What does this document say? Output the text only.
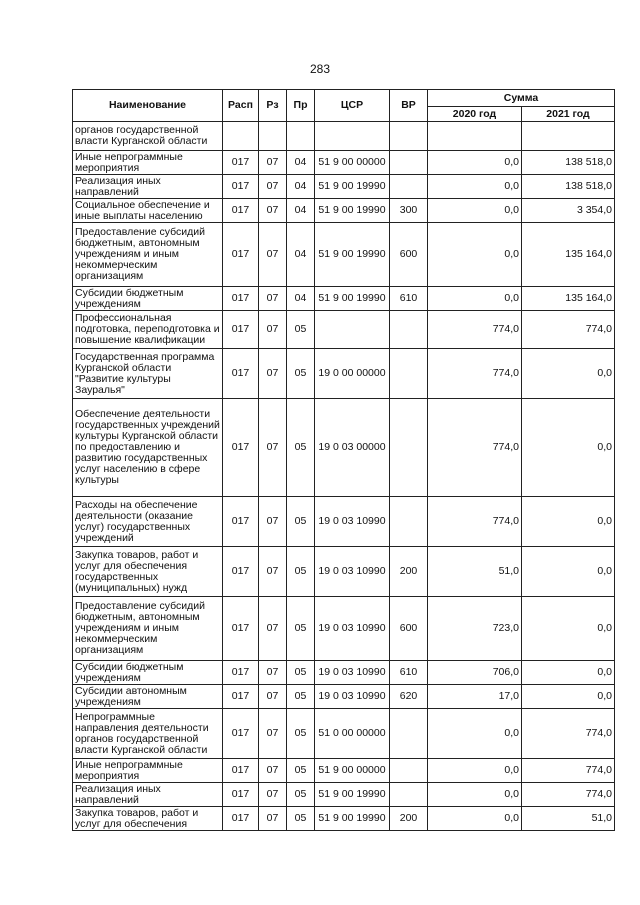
283
Наименование	Расп	Рз	Пр	ЦСР	ВР	Сумма	
						2020 год	2021 год
органов государственной власти Курганской области							
Иные непрограммные мероприятия	017	07	04	51 9 00 00000		0,0	138 518,0
Реализация иных направлений	017	07	04	51 9 00 19990		0,0	138 518,0
Социальное обеспечение и иные выплаты населению	017	07	04	51 9 00 19990	300	0,0	3 354,0
Предоставление субсидий бюджетным, автономным учреждениям и иным некоммерческим организациям	017	07	04	51 9 00 19990	600	0,0	135 164,0
Субсидии бюджетным учреждениям	017	07	04	51 9 00 19990	610	0,0	135 164,0
Профессиональная подготовка, переподготовка и повышение квалификации	017	07	05			774,0	774,0
Государственная программа Курганской области "Развитие культуры Зауралья"	017	07	05	19 0 00 00000		774,0	0,0
Обеспечение деятельности государственных учреждений культуры Курганской области по предоставлению и развитию государственных услуг населению в сфере культуры	017	07	05	19 0 03 00000		774,0	0,0
Расходы на обеспечение деятельности (оказание услуг) государственных учреждений	017	07	05	19 0 03 10990		774,0	0,0
Закупка товаров, работ и услуг для обеспечения государственных (муниципальных) нужд	017	07	05	19 0 03 10990	200	51,0	0,0
Предоставление субсидий бюджетным, автономным учреждениям и иным некоммерческим организациям	017	07	05	19 0 03 10990	600	723,0	0,0
Субсидии бюджетным учреждениям	017	07	05	19 0 03 10990	610	706,0	0,0
Субсидии автономным учреждениям	017	07	05	19 0 03 10990	620	17,0	0,0
Непрограммные направления деятельности органов государственной власти Курганской области	017	07	05	51 0 00 00000		0,0	774,0
Иные непрограммные мероприятия	017	07	05	51 9 00 00000		0,0	774,0
Реализация иных направлений	017	07	05	51 9 00 19990		0,0	774,0
Закупка товаров, работ и услуг для обеспечения	017	07	05	51 9 00 19990	200	0,0	51,0
